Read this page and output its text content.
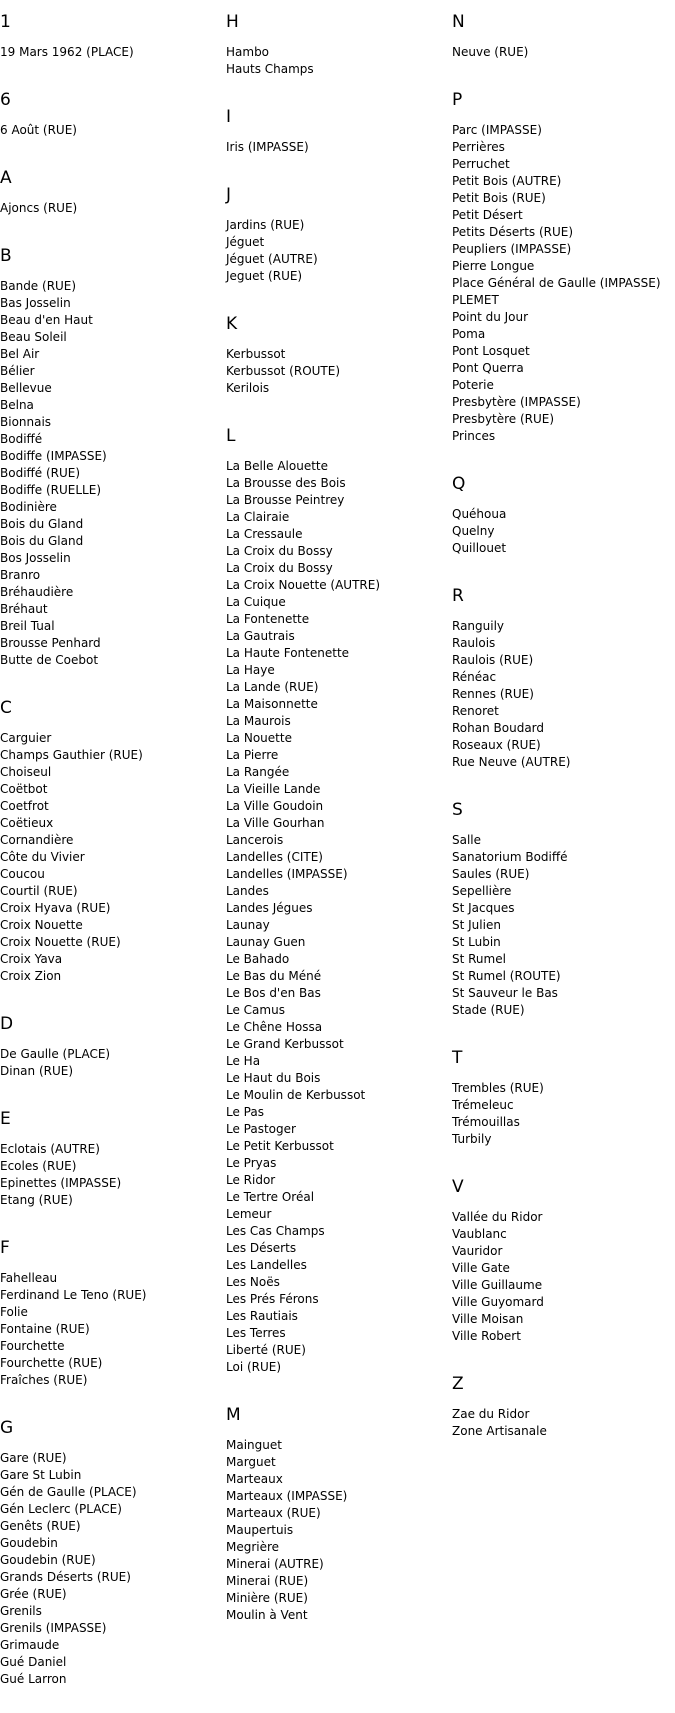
1
19 Mars 1962 (PLACE)
6
6 Août (RUE)
A
Ajoncs (RUE)
B
Bande (RUE)
Bas Josselin
Beau d'en Haut
Beau Soleil
Bel Air
Bélier
Bellevue
Belna
Bionnais
Bodiffé
Bodiffe (IMPASSE)
Bodiffé (RUE)
Bodiffe (RUELLE)
Bodinière
Bois du Gland
Bois du Gland
Bos Josselin
Branro
Bréhaudière
Bréhaut
Breil Tual
Brousse Penhard
Butte de Coebot
C
Carguier
Champs Gauthier (RUE)
Choiseul
Coëtbot
Coetfrot
Coëtieux
Cornandière
Côte du Vivier
Coucou
Courtil (RUE)
Croix Hyava (RUE)
Croix Nouette
Croix Nouette (RUE)
Croix Yava
Croix Zion
D
De Gaulle (PLACE)
Dinan (RUE)
E
Eclotais (AUTRE)
Ecoles (RUE)
Epinettes (IMPASSE)
Etang (RUE)
F
Fahelleau
Ferdinand Le Teno (RUE)
Folie
Fontaine (RUE)
Fourchette
Fourchette (RUE)
Fraîches (RUE)
G
Gare (RUE)
Gare St Lubin
Gén de Gaulle (PLACE)
Gén Leclerc (PLACE)
Genêts (RUE)
Goudebin
Goudebin (RUE)
Grands Déserts (RUE)
Grée (RUE)
Grenils
Grenils (IMPASSE)
Grimaude
Gué Daniel
Gué Larron
H
Hambo
Hauts Champs
I
Iris (IMPASSE)
J
Jardins (RUE)
Jéguet
Jéguet (AUTRE)
Jeguet (RUE)
K
Kerbussot
Kerbussot (ROUTE)
Kerilois
L
La Belle Alouette
La Brousse des Bois
La Brousse Peintrey
La Clairaie
La Cressaule
La Croix du Bossy
La Croix du Bossy
La Croix Nouette (AUTRE)
La Cuique
La Fontenette
La Gautrais
La Haute Fontenette
La Haye
La Lande (RUE)
La Maisonnette
La Maurois
La Nouette
La Pierre
La Rangée
La Vieille Lande
La Ville Goudoin
La Ville Gourhan
Lancerois
Landelles (CITE)
Landelles (IMPASSE)
Landes
Landes Jégues
Launay
Launay Guen
Le Bahado
Le Bas du Méné
Le Bos d'en Bas
Le Camus
Le Chêne Hossa
Le Grand Kerbussot
Le Ha
Le Haut du Bois
Le Moulin de Kerbussot
Le Pas
Le Pastoger
Le Petit Kerbussot
Le Pryas
Le Ridor
Le Tertre Oréal
Lemeur
Les Cas Champs
Les Déserts
Les Landelles
Les Noës
Les Prés Férons
Les Rautiais
Les Terres
Liberté (RUE)
Loi (RUE)
M
Mainguet
Marguet
Marteaux
Marteaux (IMPASSE)
Marteaux (RUE)
Maupertuis
Megrière
Minerai (AUTRE)
Minerai (RUE)
Minière (RUE)
Moulin à Vent
N
Neuve (RUE)
P
Parc (IMPASSE)
Perrières
Perruchet
Petit Bois (AUTRE)
Petit Bois (RUE)
Petit Désert
Petits Déserts (RUE)
Peupliers (IMPASSE)
Pierre Longue
Place Général de Gaulle (IMPASSE)
PLEMET
Point du Jour
Poma
Pont Losquet
Pont Querra
Poterie
Presbytère (IMPASSE)
Presbytère (RUE)
Princes
Q
Quéhoua
Quelny
Quillouet
R
Ranguily
Raulois
Raulois (RUE)
Rénéac
Rennes (RUE)
Renoret
Rohan Boudard
Roseaux (RUE)
Rue Neuve (AUTRE)
S
Salle
Sanatorium Bodiffé
Saules (RUE)
Sepellière
St Jacques
St Julien
St Lubin
St Rumel
St Rumel (ROUTE)
St Sauveur le Bas
Stade (RUE)
T
Trembles (RUE)
Trémeleuc
Trémouillas
Turbily
V
Vallée du Ridor
Vaublanc
Vauridor
Ville Gate
Ville Guillaume
Ville Guyomard
Ville Moisan
Ville Robert
Z
Zae du Ridor
Zone Artisanale
